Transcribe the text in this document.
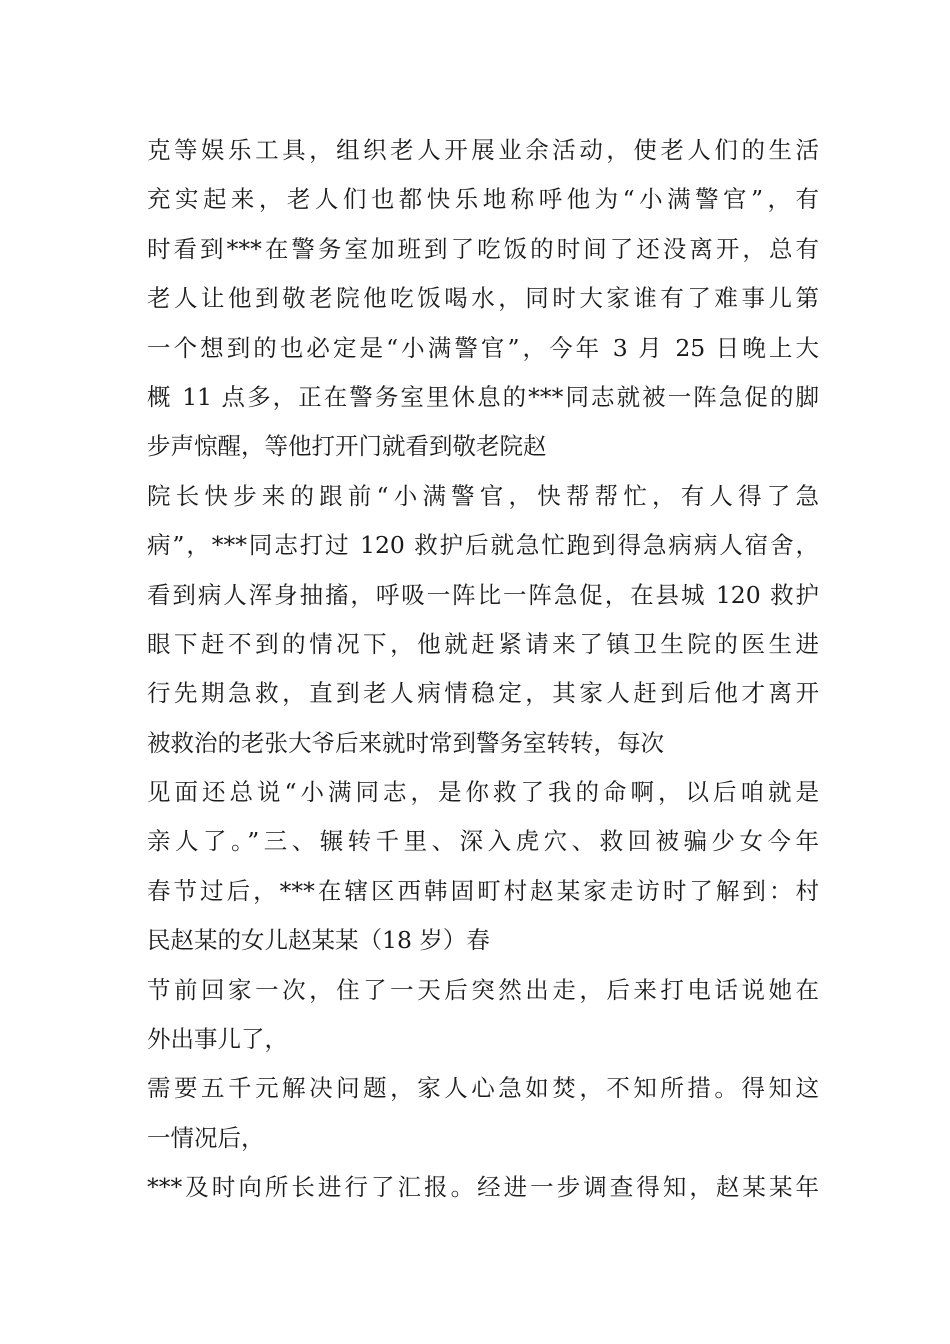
克等娱乐工具，组织老人开展业余活动，使老人们的生活
充实起来，老人们也都快乐地称呼他为“小满警官”，有
时看到***在警务室加班到了吃饭的时间了还没离开，总有
老人让他到敬老院他吃饭喝水，同时大家谁有了难事儿第
一个想到的也必定是“小满警官”，今年 3 月 25 日晚上大
概 11 点多，正在警务室里休息的***同志就被一阵急促的脚
步声惊醒，等他打开门就看到敬老院赵
院长快步来的跟前“小满警官，快帮帮忙，有人得了急
病”，***同志打过 120 救护后就急忙跑到得急病病人宿舍，
看到病人浑身抽搐，呼吸一阵比一阵急促，在县城 120 救护
眼下赶不到的情况下，他就赶紧请来了镇卫生院的医生进
行先期急救，直到老人病情稳定，其家人赶到后他才离开
被救治的老张大爷后来就时常到警务室转转，每次
见面还总说“小满同志，是你救了我的命啊，以后咱就是
亲人了。”三、辗转千里、深入虎穴、救回被骗少女今年
春节过后，***在辖区西韩固町村赵某家走访时了解到：村
民赵某的女儿赵某某（18 岁）春
节前回家一次，住了一天后突然出走，后来打电话说她在
外出事儿了，
需要五千元解决问题，家人心急如焚，不知所措。得知这
一情况后，
***及时向所长进行了汇报。经进一步调查得知，赵某某年
